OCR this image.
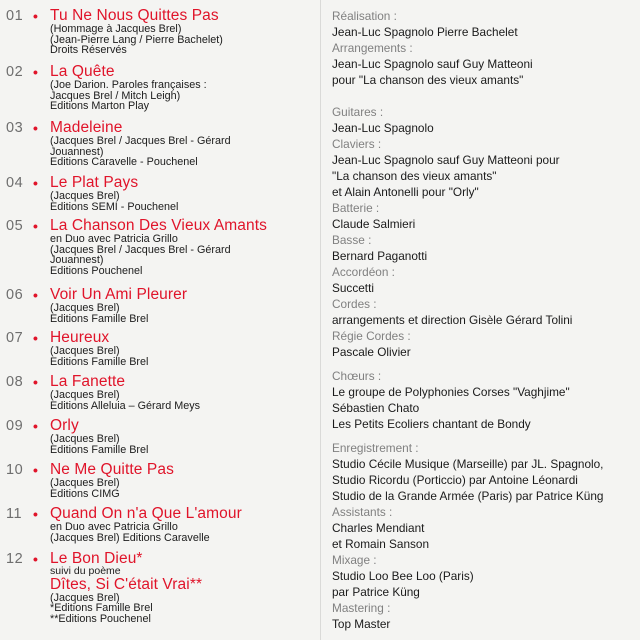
01 • Tu Ne Nous Quittes Pas
(Hommage à Jacques Brel)
(Jean-Pierre Lang / Pierre Bachelet)
Droits Réservés
02 • La Quête
(Joe Darion. Paroles françaises :
Jacques Brel / Mitch Leigh)
Editions Marton Play
03 • Madeleine
(Jacques Brel / Jacques Brel - Gérard
Jouannest)
Editions Caravelle - Pouchenel
04 • Le Plat Pays
(Jacques Brel)
Editions SEMI - Pouchenel
05 • La Chanson Des Vieux Amants
en Duo avec Patricia Grillo
(Jacques Brel / Jacques Brel - Gérard
Jouannest)
Editions Pouchenel
06 • Voir Un Ami Pleurer
(Jacques Brel)
Editions Famille Brel
07 • Heureux
(Jacques Brel)
Editions Famille Brel
08 • La Fanette
(Jacques Brel)
Editions Alleluia – Gérard Meys
09 • Orly
(Jacques Brel)
Editions Famille Brel
10 • Ne Me Quitte Pas
(Jacques Brel)
Editions CIMG
11 • Quand On n'a Que L'amour
en Duo avec Patricia Grillo
(Jacques Brel) Editions Caravelle
12 • Le Bon Dieu*
suivi du poème
Dîtes, Si C'était Vrai**
(Jacques Brel)
*Editions Famille Brel
**Editions Pouchenel
Réalisation :
Jean-Luc Spagnolo Pierre Bachelet
Arrangements :
Jean-Luc Spagnolo sauf Guy Matteoni
pour "La chanson des vieux amants"
Guitares :
Jean-Luc Spagnolo
Claviers :
Jean-Luc Spagnolo sauf Guy Matteoni pour
"La chanson des vieux amants"
et Alain Antonelli pour "Orly"
Batterie :
Claude Salmieri
Basse :
Bernard Paganotti
Accordéon :
Succetti
Cordes :
arrangements et direction Gisèle Gérard Tolini
Régie Cordes :
Pascale Olivier
Chœurs :
Le groupe de Polyphonies Corses "Vaghjime"
Sébastien Chato
Les Petits Ecoliers chantant de Bondy
Enregistrement :
Studio Cécile Musique (Marseille) par JL. Spagnolo,
Studio Ricordu (Porticcio) par Antoine Léonardi
Studio de la Grande Armée (Paris) par Patrice Küng
Assistants :
Charles Mendiant
et Romain Sanson
Mixage :
Studio Loo Bee Loo (Paris)
par Patrice Küng
Mastering :
Top Master
